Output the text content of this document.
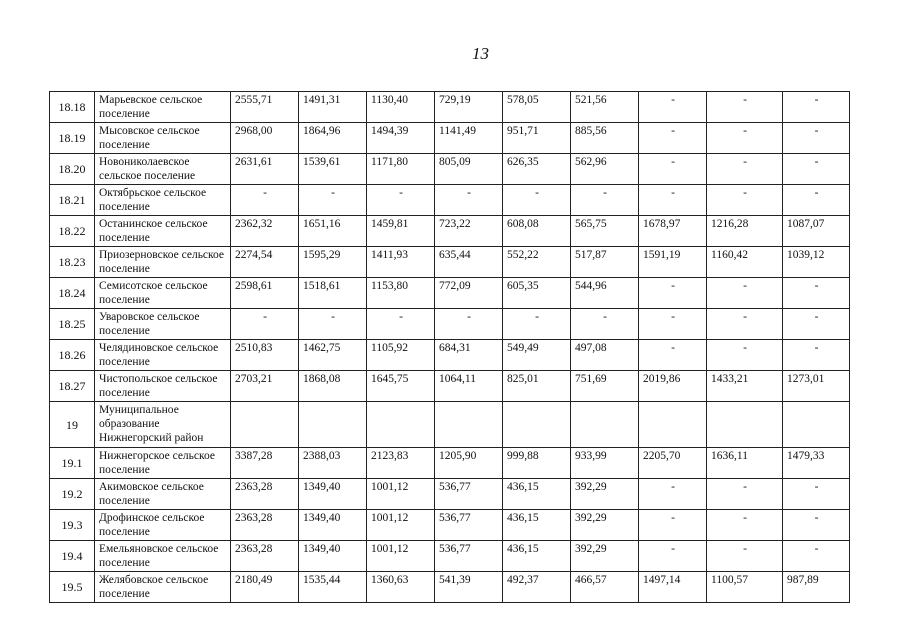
13
18.18	Марьевское сельское поселение	2555,71	1491,31	1130,40	729,19	578,05	521,56	-	-	-
18.19	Мысовское сельское поселение	2968,00	1864,96	1494,39	1141,49	951,71	885,56	-	-	-
18.20	Новониколаевское сельское поселение	2631,61	1539,61	1171,80	805,09	626,35	562,96	-	-	-
18.21	Октябрьское сельское поселение	-	-	-	-	-	-	-	-	-
18.22	Останинское сельское поселение	2362,32	1651,16	1459,81	723,22	608,08	565,75	1678,97	1216,28	1087,07
18.23	Приозерновское сельское поселение	2274,54	1595,29	1411,93	635,44	552,22	517,87	1591,19	1160,42	1039,12
18.24	Семисотское сельское поселение	2598,61	1518,61	1153,80	772,09	605,35	544,96	-	-	-
18.25	Уваровское сельское поселение	-	-	-	-	-	-	-	-	-
18.26	Челядиновское сельское поселение	2510,83	1462,75	1105,92	684,31	549,49	497,08	-	-	-
18.27	Чистопольское сельское поселение	2703,21	1868,08	1645,75	1064,11	825,01	751,69	2019,86	1433,21	1273,01
19	Муниципальное образование Нижнегорский район									
19.1	Нижнегорское сельское поселение	3387,28	2388,03	2123,83	1205,90	999,88	933,99	2205,70	1636,11	1479,33
19.2	Акимовское сельское поселение	2363,28	1349,40	1001,12	536,77	436,15	392,29	-	-	-
19.3	Дрофинское сельское поселение	2363,28	1349,40	1001,12	536,77	436,15	392,29	-	-	-
19.4	Емельяновское сельское поселение	2363,28	1349,40	1001,12	536,77	436,15	392,29	-	-	-
19.5	Желябовское сельское поселение	2180,49	1535,44	1360,63	541,39	492,37	466,57	1497,14	1100,57	987,89
